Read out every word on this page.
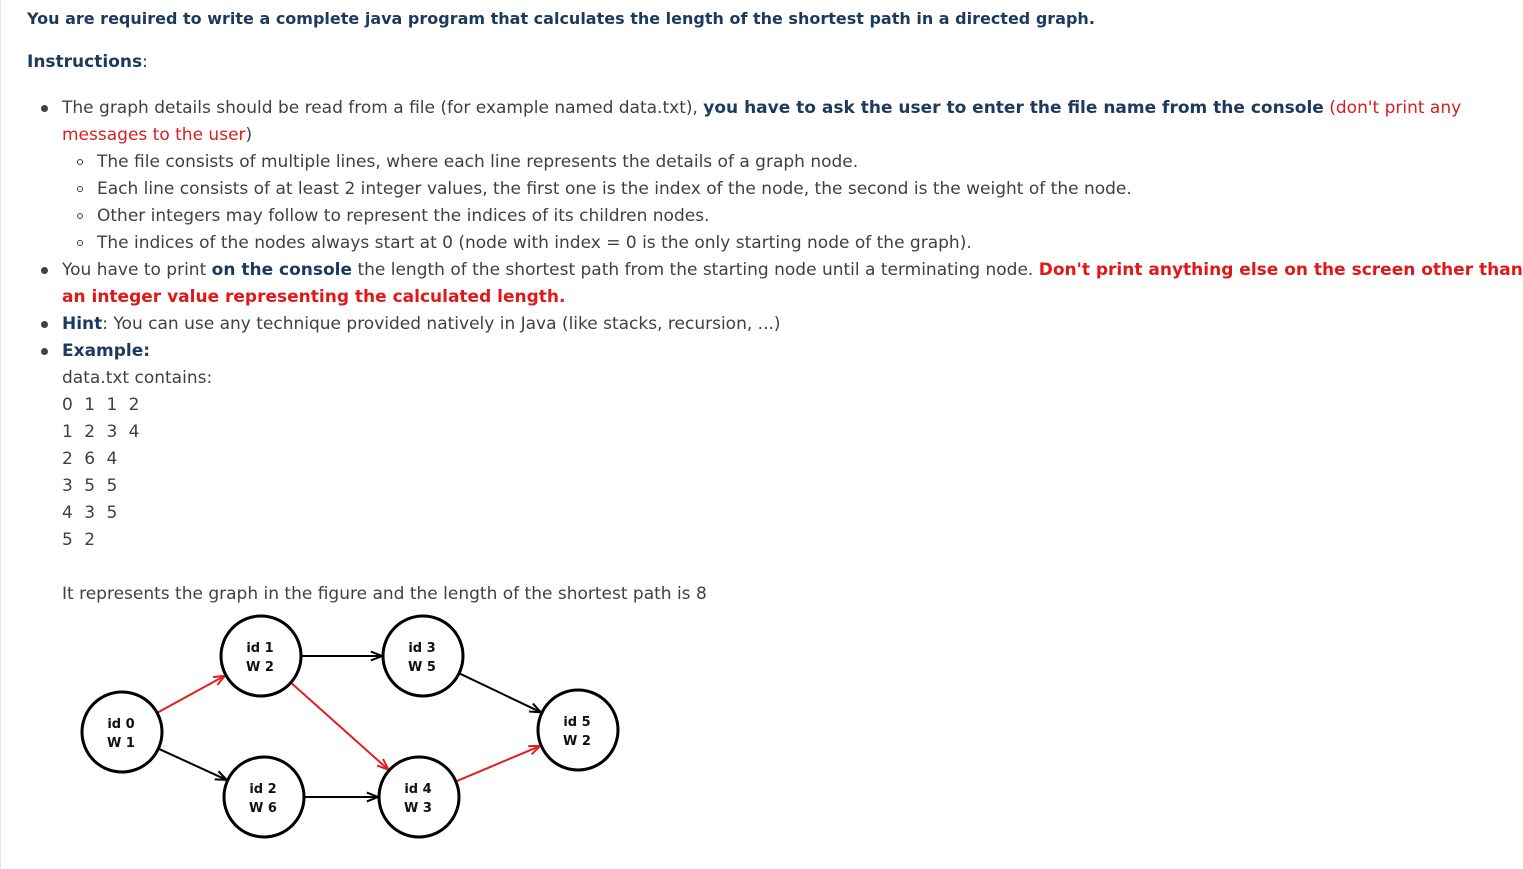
You are required to write a complete java program that calculates the length of the shortest path in a directed graph.
Instructions:
The graph details should be read from a file (for example named data.txt), you have to ask the user to enter the file name from the console (don't print any
messages to the user)
The file consists of multiple lines, where each line represents the details of a graph node.
Each line consists of at least 2 integer values, the first one is the index of the node, the second is the weight of the node.
Other integers may follow to represent the indices of its children nodes.
The indices of the nodes always start at 0 (node with index = 0 is the only starting node of the graph).
You have to print on the console the length of the shortest path from the starting node until a terminating node. Don't print anything else on the screen other than
an integer value representing the calculated length.
Hint: You can use any technique provided natively in Java (like stacks, recursion, ...)
Example:
data.txt contains:
0 1 1 2
1 2 3 4
2 6 4
3 5 5
4 3 5
5 2
It represents the graph in the figure and the length of the shortest path is 8
id 0
W 1
id 1
W 2
id 2
W 6
id 3
W 5
id 4
W 3
id 5
W 2
